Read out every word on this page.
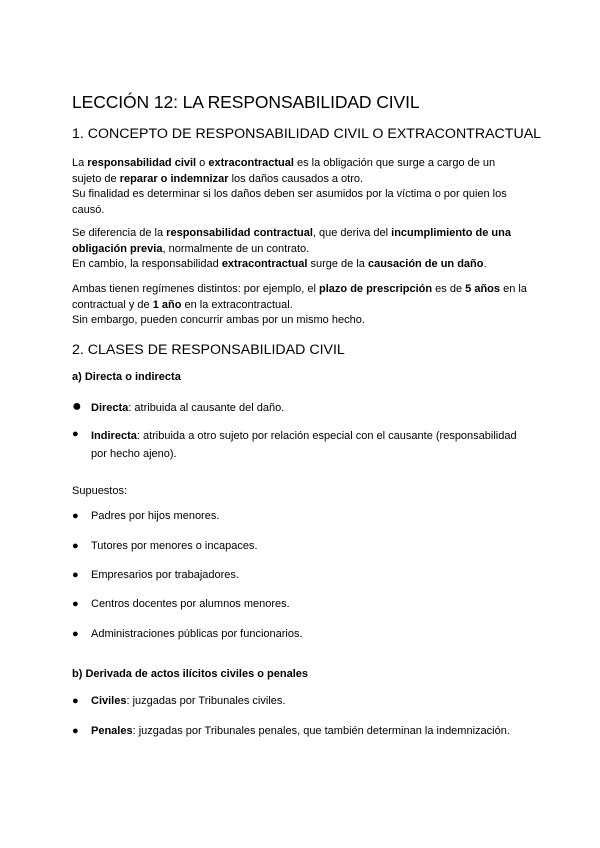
LECCIÓN 12: LA RESPONSABILIDAD CIVIL
1. CONCEPTO DE RESPONSABILIDAD CIVIL O EXTRACONTRACTUAL

La responsabilidad civil o extracontractual es la obligación que surge a cargo de un sujeto de reparar o indemnizar los daños causados a otro.
Su finalidad es determinar si los daños deben ser asumidos por la víctima o por quien los causó.

Se diferencia de la responsabilidad contractual, que deriva del incumplimiento de una obligación previa, normalmente de un contrato.
En cambio, la responsabilidad extracontractual surge de la causación de un daño.

Ambas tienen regímenes distintos: por ejemplo, el plazo de prescripción es de 5 años en la contractual y de 1 año en la extracontractual.
Sin embargo, pueden concurrir ambas por un mismo hecho.

2. CLASES DE RESPONSABILIDAD CIVIL
a) Directa o indirecta
● Directa: atribuida al causante del daño.
● Indirecta: atribuida a otro sujeto por relación especial con el causante (responsabilidad por hecho ajeno).

Supuestos:

● Padres por hijos menores.
● Tutores por menores o incapaces.
● Empresarios por trabajadores.
● Centros docentes por alumnos menores.
● Administraciones públicas por funcionarios.
b) Derivada de actos ilícitos civiles o penales
● Civiles: juzgadas por Tribunales civiles.
● Penales: juzgadas por Tribunales penales, que también determinan la indemnización.
